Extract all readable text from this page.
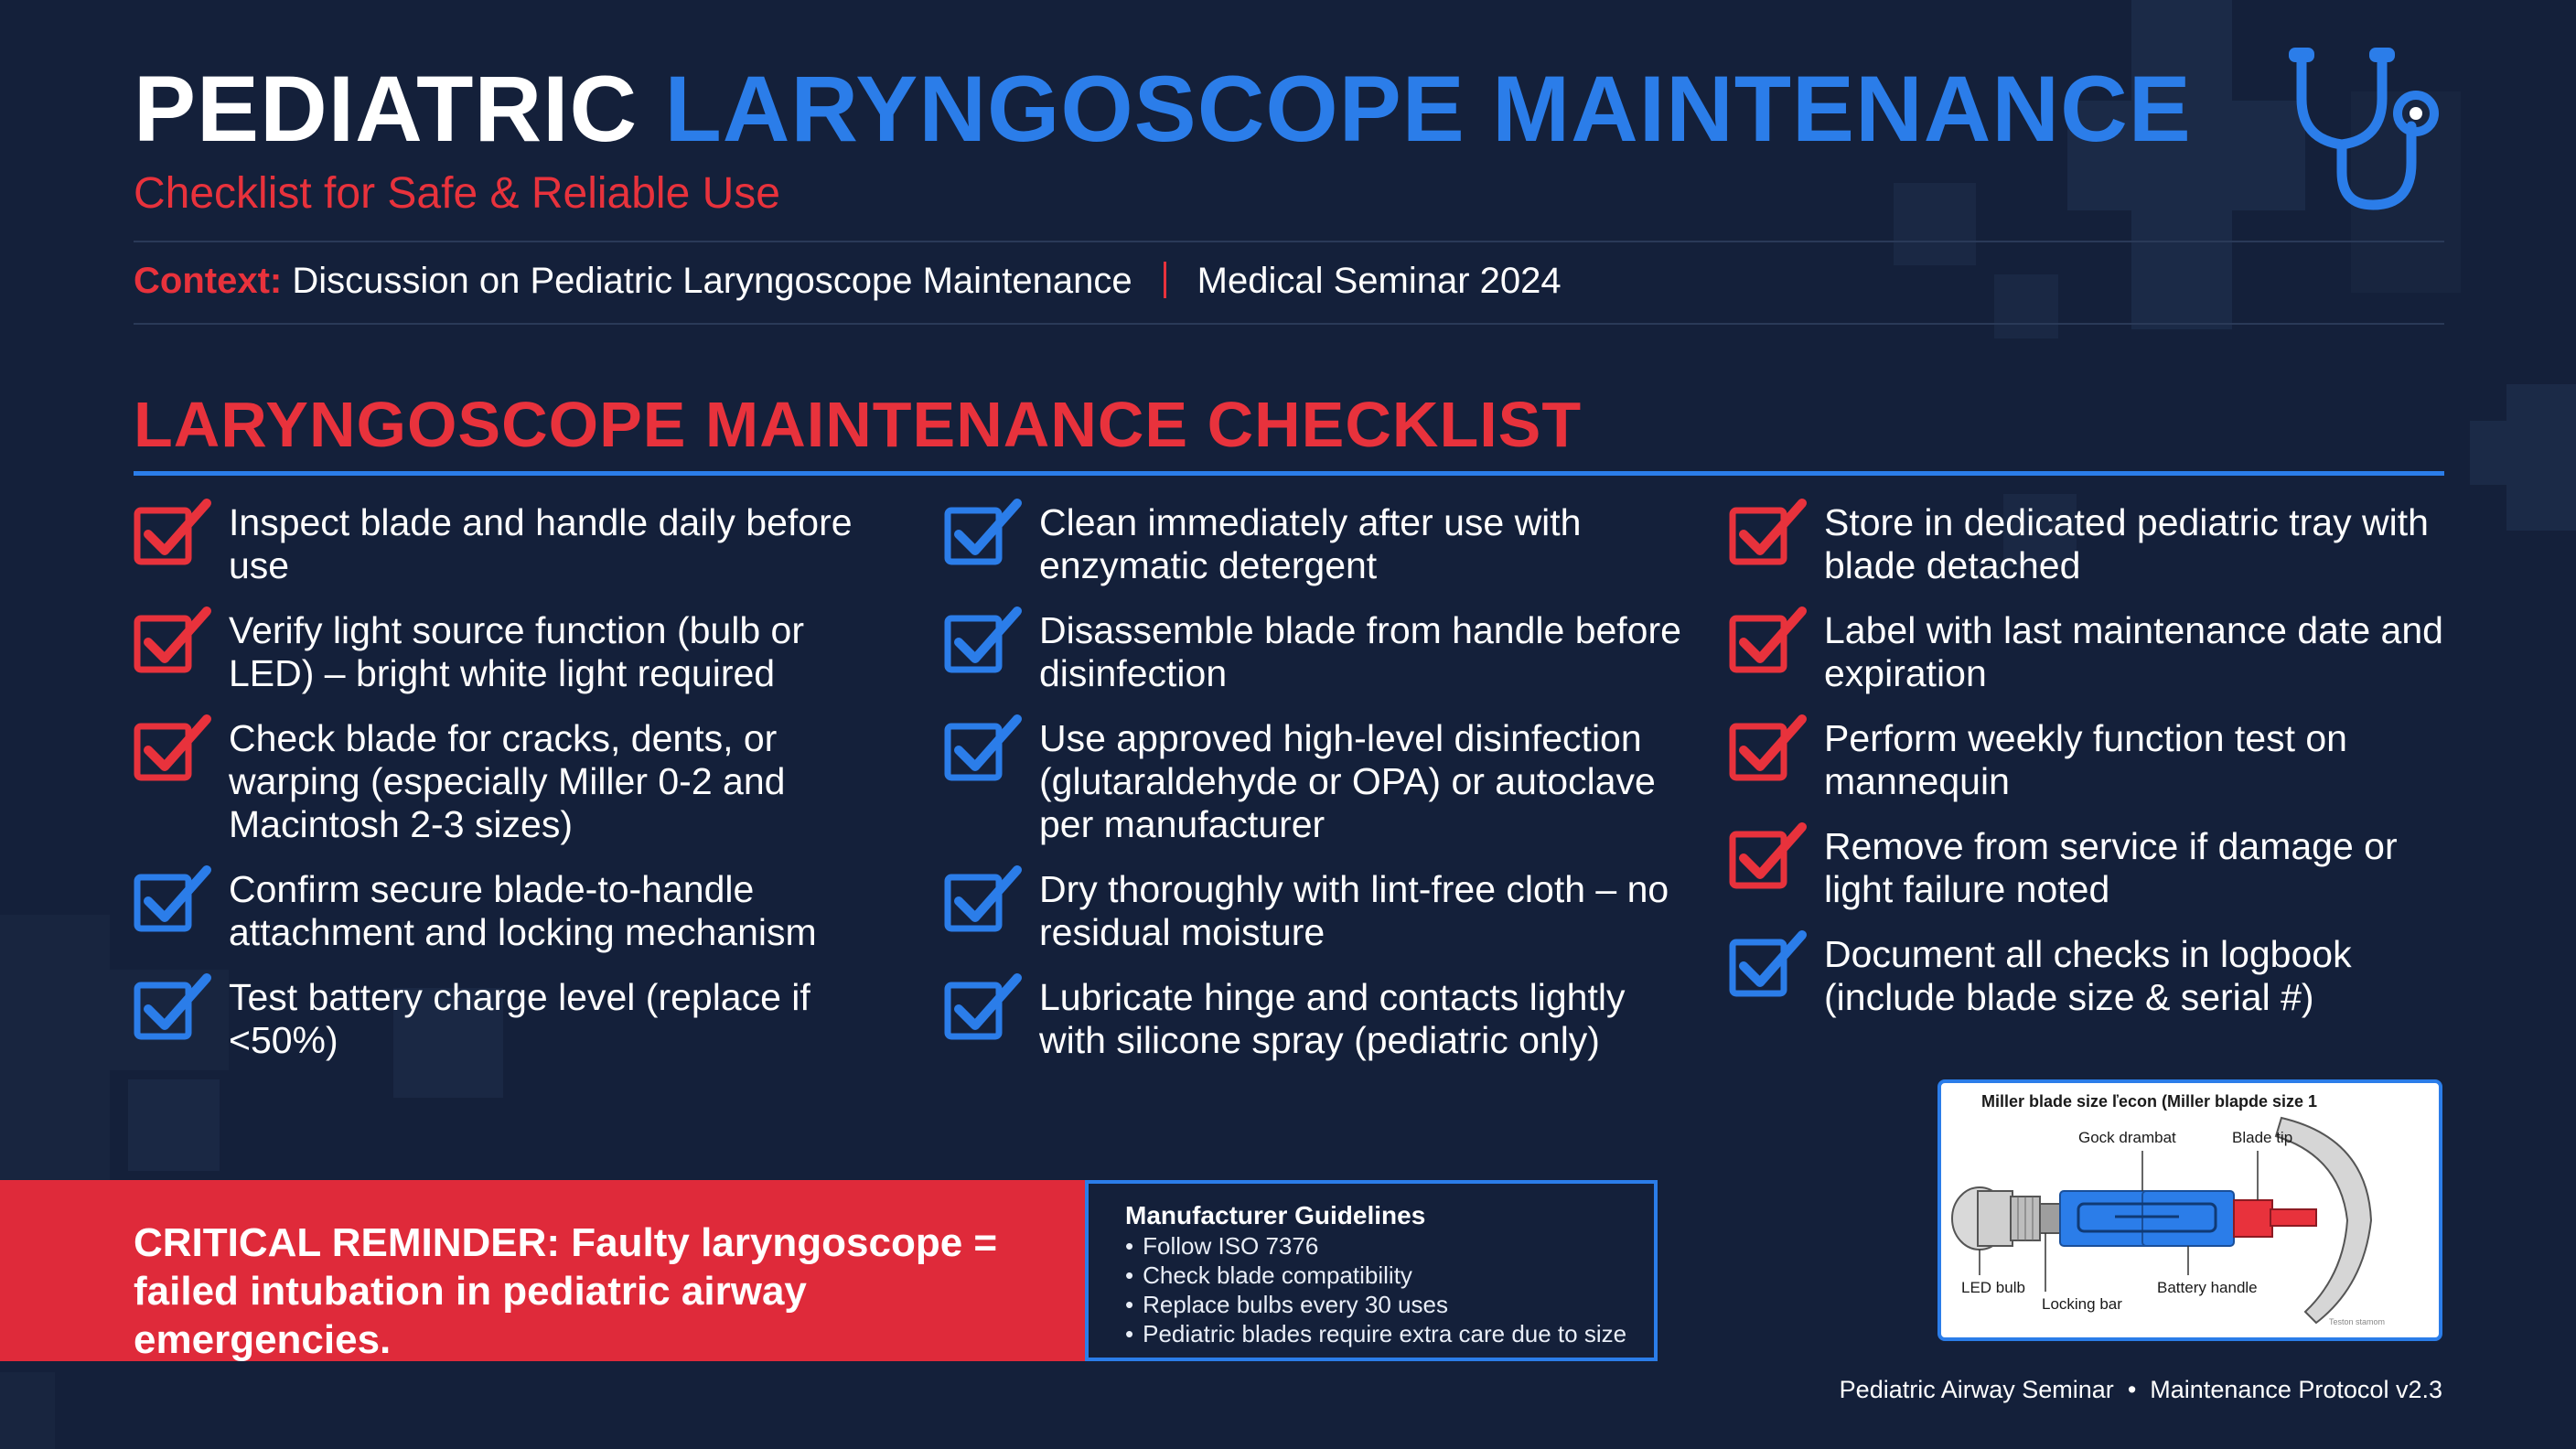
PEDIATRIC LARYNGOSCOPE MAINTENANCE
Checklist for Safe & Reliable Use
Context: Discussion on Pediatric Laryngoscope Maintenance Medical Seminar 2024
LARYNGOSCOPE MAINTENANCE CHECKLIST
Inspect blade and handle daily before use
Verify light source function (bulb or LED) – bright white light required
Check blade for cracks, dents, or warping (especially Miller 0-2 and Macintosh 2-3 sizes)
Confirm secure blade-to-handle attachment and locking mechanism
Test battery charge level (replace if <50%)
Clean immediately after use with enzymatic detergent
Disassemble blade from handle before disinfection
Use approved high-level disinfection (glutaraldehyde or OPA) or autoclave per manufacturer
Dry thoroughly with lint-free cloth – no residual moisture
Lubricate hinge and contacts lightly with silicone spray (pediatric only)
Store in dedicated pediatric tray with blade detached
Label with last maintenance date and expiration
Perform weekly function test on mannequin
Remove from service if damage or light failure noted
Document all checks in logbook (include blade size & serial #)
CRITICAL REMINDER: Faulty laryngoscope = failed intubation in pediatric airway emergencies.
Manufacturer Guidelines
• Follow ISO 7376
• Check blade compatibility
• Replace bulbs every 30 uses
• Pediatric blades require extra care due to size
Miller blade size ľecon (Miller blapde size 1
Gock drambat	Blade tip
LED bulb	Battery handle
Locking bar
Teston stamom
Pediatric Airway Seminar  •  Maintenance Protocol v2.3
